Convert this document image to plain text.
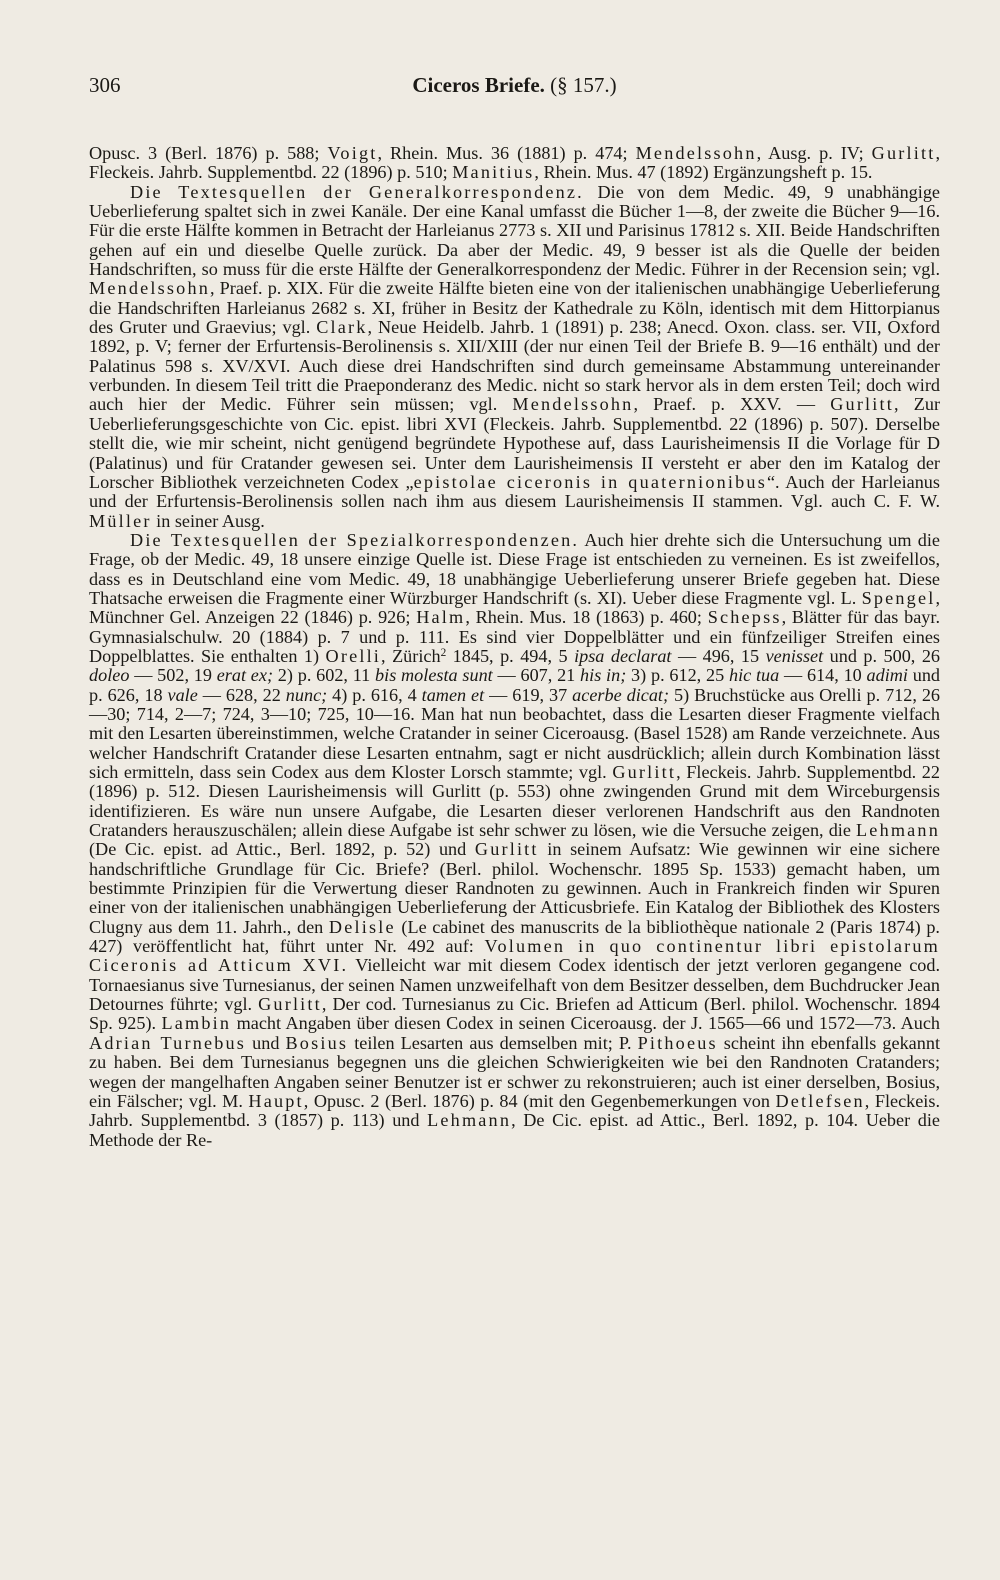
306	Ciceros Briefe. (§ 157.)

Opusc. 3 (Berl. 1876) p. 588; Voigt, Rhein. Mus. 36 (1881) p. 474; Mendelssohn, Ausg. p. IV; Gurlitt, Fleckeis. Jahrb. Supplementbd. 22 (1896) p. 510; Manitius, Rhein. Mus. 47 (1892) Ergänzungsheft p. 15.

Die Textesquellen der Generalkorrespondenz. Die von dem Medic. 49, 9 unabhängige Ueberlieferung spaltet sich in zwei Kanäle. Der eine Kanal umfasst die Bücher 1—8, der zweite die Bücher 9—16. Für die erste Hälfte kommen in Betracht der Harleianus 2773 s. XII und Parisinus 17812 s. XII. Beide Handschriften gehen auf ein und dieselbe Quelle zurück. Da aber der Medic. 49, 9 besser ist als die Quelle der beiden Handschriften, so muss für die erste Hälfte der Generalkorrespondenz der Medic. Führer in der Recension sein; vgl. Mendelssohn, Praef. p. XIX. Für die zweite Hälfte bieten eine von der italienischen unabhängige Ueberlieferung die Handschriften Harleianus 2682 s. XI, früher in Besitz der Kathedrale zu Köln, identisch mit dem Hittorpianus des Gruter und Graevius; vgl. Clark, Neue Heidelb. Jahrb. 1 (1891) p. 238; Anecd. Oxon. class. ser. VII, Oxford 1892, p. V; ferner der Erfurtensis-Berolinensis s. XII/XIII (der nur einen Teil der Briefe B. 9—16 enthält) und der Palatinus 598 s. XV/XVI. Auch diese drei Handschriften sind durch gemeinsame Abstammung untereinander verbunden. In diesem Teil tritt die Praeponderanz des Medic. nicht so stark hervor als in dem ersten Teil; doch wird auch hier der Medic. Führer sein müssen; vgl. Mendelssohn, Praef. p. XXV. — Gurlitt, Zur Ueberlieferungsgeschichte von Cic. epist. libri XVI (Fleckeis. Jahrb. Supplementbd. 22 (1896) p. 507). Derselbe stellt die, wie mir scheint, nicht genügend begründete Hypothese auf, dass Laurisheimensis II die Vorlage für D (Palatinus) und für Cratander gewesen sei. Unter dem Laurisheimensis II versteht er aber den im Katalog der Lorscher Bibliothek verzeichneten Codex „epistolae ciceronis in quaternionibus“. Auch der Harleianus und der Erfurtensis-Berolinensis sollen nach ihm aus diesem Laurisheimensis II stammen. Vgl. auch C. F. W. Müller in seiner Ausg.

Die Textesquellen der Spezialkorrespondenzen. Auch hier drehte sich die Untersuchung um die Frage, ob der Medic. 49, 18 unsere einzige Quelle ist. Diese Frage ist entschieden zu verneinen. Es ist zweifellos, dass es in Deutschland eine vom Medic. 49, 18 unabhängige Ueberlieferung unserer Briefe gegeben hat. Diese Thatsache erweisen die Fragmente einer Würzburger Handschrift (s. XI). Ueber diese Fragmente vgl. L. Spengel, Münchner Gel. Anzeigen 22 (1846) p. 926; Halm, Rhein. Mus. 18 (1863) p. 460; Schepss, Blätter für das bayr. Gymnasialschulw. 20 (1884) p. 7 und p. 111. Es sind vier Doppelblätter und ein fünfzeiliger Streifen eines Doppelblattes. Sie enthalten 1) Orelli, Zürich$^2$ 1845, p. 494, 5 ipsa declarat — 496, 15 venisset und p. 500, 26 doleo — 502, 19 erat ex; 2) p. 602, 11 bis molesta sunt — 607, 21 his in; 3) p. 612, 25 hic tua — 614, 10 adimi und p. 626, 18 vale — 628, 22 nunc; 4) p. 616, 4 tamen et — 619, 37 acerbe dicat; 5) Bruchstücke aus Orelli p. 712, 26—30; 714, 2—7; 724, 3—10; 725, 10—16. Man hat nun beobachtet, dass die Lesarten dieser Fragmente vielfach mit den Lesarten übereinstimmen, welche Cratander in seiner Ciceroausg. (Basel 1528) am Rande verzeichnete. Aus welcher Handschrift Cratander diese Lesarten entnahm, sagt er nicht ausdrücklich; allein durch Kombination lässt sich ermitteln, dass sein Codex aus dem Kloster Lorsch stammte; vgl. Gurlitt, Fleckeis. Jahrb. Supplementbd. 22 (1896) p. 512. Diesen Laurisheimensis will Gurlitt (p. 553) ohne zwingenden Grund mit dem Wirceburgensis identifizieren. Es wäre nun unsere Aufgabe, die Lesarten dieser verlorenen Handschrift aus den Randnoten Cratanders herauszuschälen; allein diese Aufgabe ist sehr schwer zu lösen, wie die Versuche zeigen, die Lehmann (De Cic. epist. ad Attic., Berl. 1892, p. 52) und Gurlitt in seinem Aufsatz: Wie gewinnen wir eine sichere handschriftliche Grundlage für Cic. Briefe? (Berl. philol. Wochenschr. 1895 Sp. 1533) gemacht haben, um bestimmte Prinzipien für die Verwertung dieser Randnoten zu gewinnen. Auch in Frankreich finden wir Spuren einer von der italienischen unabhängigen Ueberlieferung der Atticusbriefe. Ein Katalog der Bibliothek des Klosters Clugny aus dem 11. Jahrh., den Delisle (Le cabinet des manuscrits de la bibliothèque nationale 2 (Paris 1874) p. 427) veröffentlicht hat, führt unter Nr. 492 auf: Volumen in quo continentur libri epistolarum Ciceronis ad Atticum XVI. Vielleicht war mit diesem Codex identisch der jetzt verloren gegangene cod. Tornaesianus sive Turnesianus, der seinen Namen unzweifelhaft von dem Besitzer desselben, dem Buchdrucker Jean Detournes führte; vgl. Gurlitt, Der cod. Turnesianus zu Cic. Briefen ad Atticum (Berl. philol. Wochenschr. 1894 Sp. 925). Lambin macht Angaben über diesen Codex in seinen Ciceroausg. der J. 1565—66 und 1572—73. Auch Adrian Turnebus und Bosius teilen Lesarten aus demselben mit; P. Pithoeus scheint ihn ebenfalls gekannt zu haben. Bei dem Turnesianus begegnen uns die gleichen Schwierigkeiten wie bei den Randnoten Cratanders; wegen der mangelhaften Angaben seiner Benutzer ist er schwer zu rekonstruieren; auch ist einer derselben, Bosius, ein Fälscher; vgl. M. Haupt, Opusc. 2 (Berl. 1876) p. 84 (mit den Gegenbemerkungen von Detlefsen, Fleckeis. Jahrb. Supplementbd. 3 (1857) p. 113) und Lehmann, De Cic. epist. ad Attic., Berl. 1892, p. 104. Ueber die Methode der Re-
